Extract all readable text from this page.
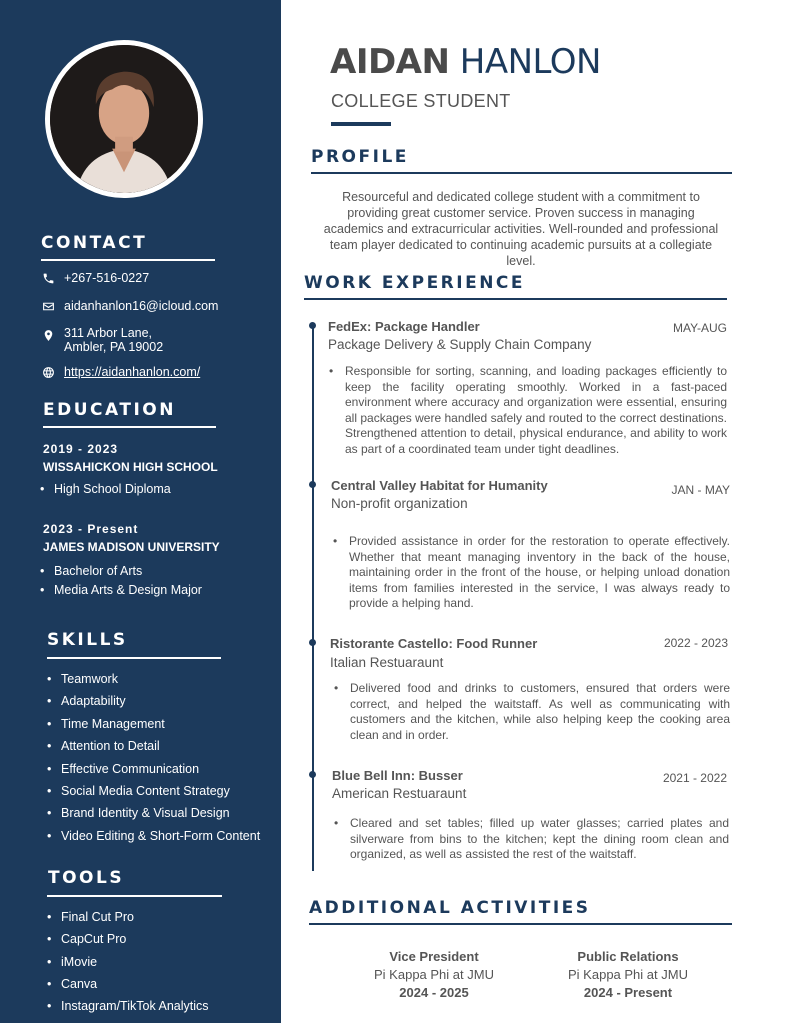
CONTACT
+267-516-0227
aidanhanlon16@icloud.com
311 Arbor Lane,
Ambler, PA 19002
https://aidanhanlon.com/
EDUCATION
2019 - 2023
WISSAHICKON HIGH SCHOOL
• High School Diploma
2023 - Present
JAMES MADISON UNIVERSITY
• Bachelor of Arts
• Media Arts & Design Major
SKILLS
• Teamwork
• Adaptability
• Time Management
• Attention to Detail
• Effective Communication
• Social Media Content Strategy
• Brand Identity & Visual Design
• Video Editing & Short-Form Content
TOOLS
• Final Cut Pro
• CapCut Pro
• iMovie
• Canva
• Instagram/TikTok Analytics
AIDAN HANLON
COLLEGE STUDENT
PROFILE
Resourceful and dedicated college student with a commitment to providing great customer service. Proven success in managing academics and extracurricular activities. Well-rounded and professional team player dedicated to continuing academic pursuits at a collegiate level.
WORK EXPERIENCE
FedEx: Package Handler	MAY-AUG
Package Delivery & Supply Chain Company
• Responsible for sorting, scanning, and loading packages efficiently to keep the facility operating smoothly. Worked in a fast-paced environment where accuracy and organization were essential, ensuring all packages were handled safely and routed to the correct destinations. Strengthened attention to detail, physical endurance, and ability to work as part of a coordinated team under tight deadlines.
Central Valley Habitat for Humanity	JAN - MAY
Non-profit organization
• Provided assistance in order for the restoration to operate effectively. Whether that meant managing inventory in the back of the house, maintaining order in the front of the house, or helping unload donation items from families interested in the service, I was always ready to provide a helping hand.
Ristorante Castello: Food Runner	2022 - 2023
Italian Restuaraunt
• Delivered food and drinks to customers, ensured that orders were correct, and helped the waitstaff. As well as communicating with customers and the kitchen, while also helping keep the cooking area clean and in order.
Blue Bell Inn: Busser	2021 - 2022
American Restuaraunt
• Cleared and set tables; filled up water glasses; carried plates and silverware from bins to the kitchen; kept the dining room clean and organized, as well as assisted the rest of the waitstaff.
ADDITIONAL ACTIVITIES
Vice President
Pi Kappa Phi at JMU
2024 - 2025
Public Relations
Pi Kappa Phi at JMU
2024 - Present
